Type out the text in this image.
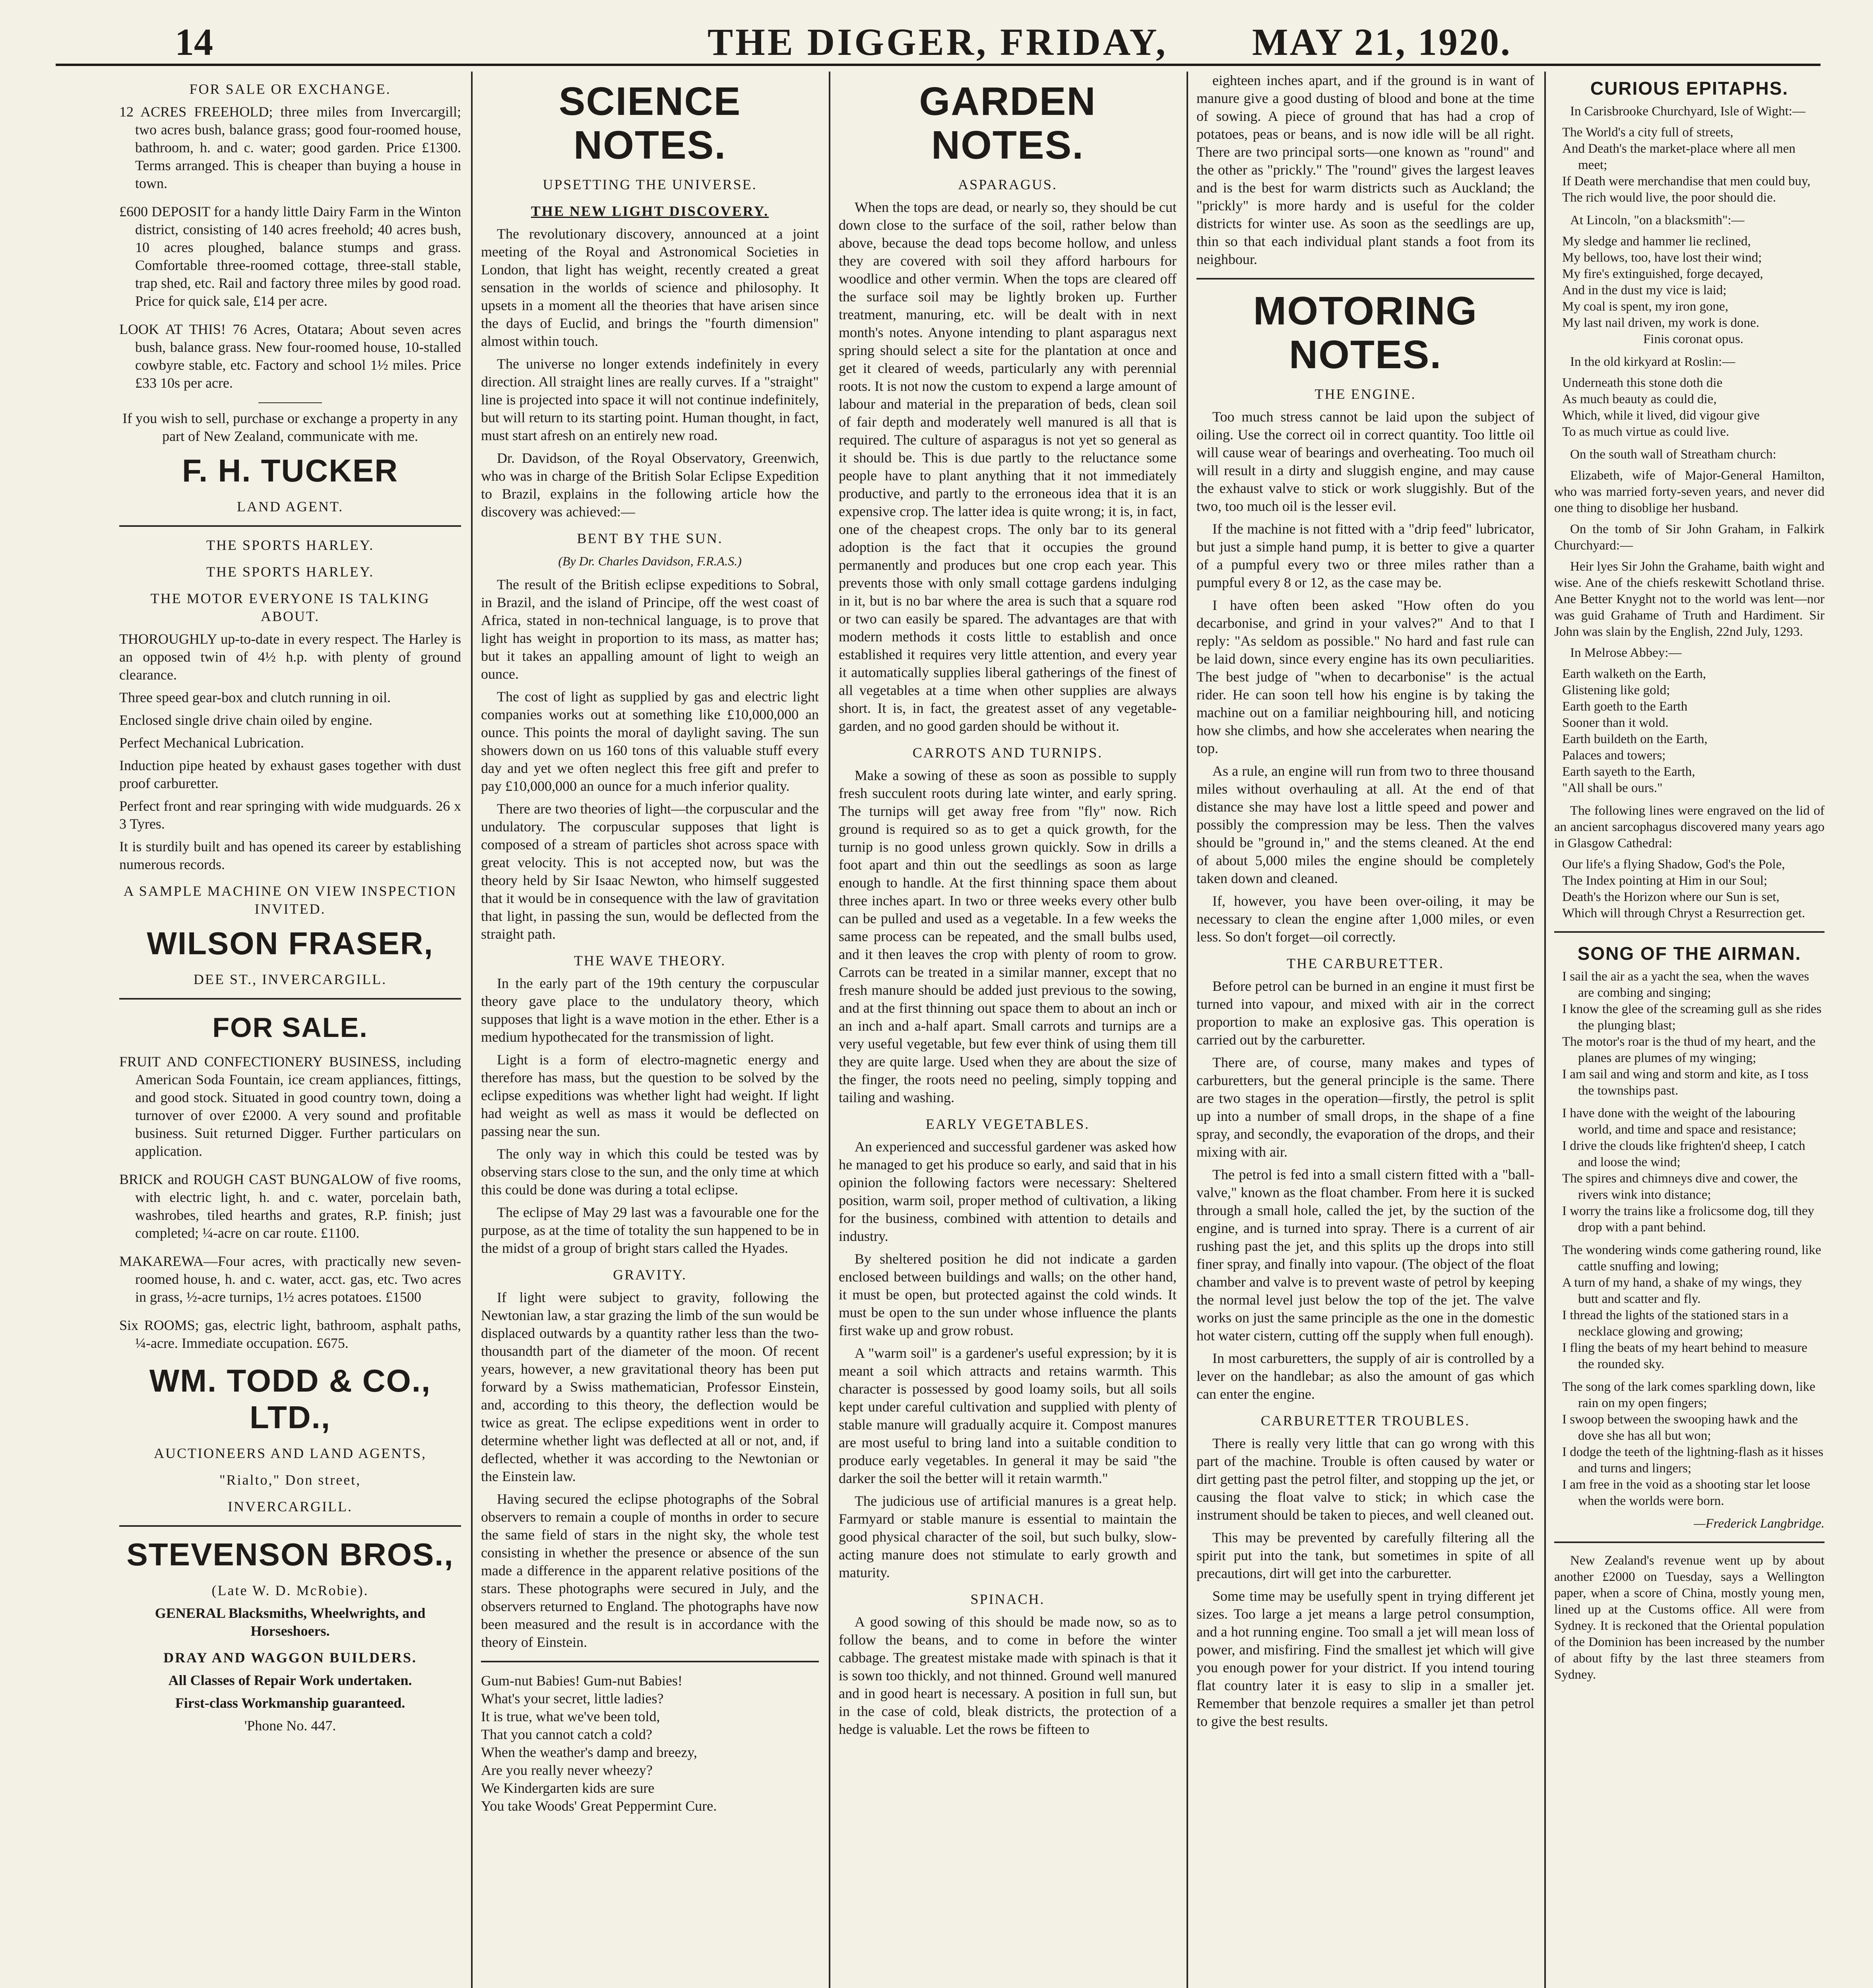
14	THE DIGGER, FRIDAY, MAY 21, 1920.
FOR SALE OR EXCHANGE.
12 ACRES FREEHOLD; three miles from Invercargill; two acres bush, balance grass; good four-roomed house, bathroom, h. and c. water; good garden. Price £1300. Terms arranged. This is cheaper than buying a house in town.
£600 DEPOSIT for a handy little Dairy Farm in the Winton district, consisting of 140 acres freehold; 40 acres bush, 10 acres ploughed, balance stumps and grass. Comfortable three-roomed cottage, three-stall stable, trap shed, etc. Rail and factory three miles by good road. Price for quick sale, £14 per acre.
LOOK AT THIS! 76 Acres, Otatara; About seven acres bush, balance grass. New four-roomed house, 10-stalled cowbyre stable, etc. Factory and school 1½ miles. Price £33 10s per acre.

If you wish to sell, purchase or exchange a property in any part of New Zealand, communicate with me.

F. H. TUCKER
LAND AGENT.
THE SPORTS HARLEY.
THE SPORTS HARLEY.
THE MOTOR EVERYONE IS TALKING ABOUT.

THOROUGHLY up-to-date in every respect. The Harley is an opposed twin of 4½ h.p. with plenty of ground clearance.

Three speed gear-box and clutch running in oil.

Enclosed single drive chain oiled by engine.

Perfect Mechanical Lubrication.

Induction pipe heated by exhaust gases together with dust proof carburetter.

Perfect front and rear springing with wide mudguards. 26 x 3 Tyres.

It is sturdily built and has opened its career by establishing numerous records.

A SAMPLE MACHINE ON VIEW INSPECTION INVITED.
WILSON FRASER,
DEE ST., INVERCARGILL.
FOR SALE.
FRUIT AND CONFECTIONERY BUSINESS, including American Soda Fountain, ice cream appliances, fittings, and good stock. Situated in good country town, doing a turnover of over £2000. A very sound and profitable business. Suit returned Digger. Further particulars on application.
BRICK and ROUGH CAST BUNGALOW of five rooms, with electric light, h. and c. water, porcelain bath, washrobes, tiled hearths and grates, R.P. finish; just completed; ¼-acre on car route. £1100.
MAKAREWA—Four acres, with practically new seven-roomed house, h. and c. water, acct. gas, etc. Two acres in grass, ½-acre turnips, 1½ acres potatoes. £1500
Six ROOMS; gas, electric light, bathroom, asphalt paths, ¼-acre. Immediate occupation. £675.
WM. TODD & CO., LTD.,
AUCTIONEERS AND LAND AGENTS,
"Rialto," Don street,
INVERCARGILL.
STEVENSON BROS.,
(Late W. D. McRobie).

GENERAL Blacksmiths, Wheelwrights, and Horseshoers.

DRAY AND WAGGON BUILDERS.

All Classes of Repair Work undertaken.

First-class Workmanship guaranteed.

'Phone No. 447.

SCIENCE NOTES.
UPSETTING THE UNIVERSE.
THE NEW LIGHT DISCOVERY.

The revolutionary discovery, announced at a joint meeting of the Royal and Astronomical Societies in London, that light has weight, recently created a great sensation in the worlds of science and philosophy. It upsets in a moment all the theories that have arisen since the days of Euclid, and brings the "fourth dimension" almost within touch.

The universe no longer extends indefinitely in every direction. All straight lines are really curves. If a "straight" line is projected into space it will not continue indefinitely, but will return to its starting point. Human thought, in fact, must start afresh on an entirely new road.

Dr. Davidson, of the Royal Observatory, Greenwich, who was in charge of the British Solar Eclipse Expedition to Brazil, explains in the following article how the discovery was achieved:—

BENT BY THE SUN.
(By Dr. Charles Davidson, F.R.A.S.)

The result of the British eclipse expeditions to Sobral, in Brazil, and the island of Principe, off the west coast of Africa, stated in non-technical language, is to prove that light has weight in proportion to its mass, as matter has; but it takes an appalling amount of light to weigh an ounce.

The cost of light as supplied by gas and electric light companies works out at something like £10,000,000 an ounce. This points the moral of daylight saving. The sun showers down on us 160 tons of this valuable stuff every day and yet we often neglect this free gift and prefer to pay £10,000,000 an ounce for a much inferior quality.

There are two theories of light—the corpuscular and the undulatory. The corpuscular supposes that light is composed of a stream of particles shot across space with great velocity. This is not accepted now, but was the theory held by Sir Isaac Newton, who himself suggested that it would be in consequence with the law of gravitation that light, in passing the sun, would be deflected from the straight path.

THE WAVE THEORY.

In the early part of the 19th century the corpuscular theory gave place to the undulatory theory, which supposes that light is a wave motion in the ether. Ether is a medium hypothecated for the transmission of light.

Light is a form of electro-magnetic energy and therefore has mass, but the question to be solved by the eclipse expeditions was whether light had weight. If light had weight as well as mass it would be deflected on passing near the sun.

The only way in which this could be tested was by observing stars close to the sun, and the only time at which this could be done was during a total eclipse.

The eclipse of May 29 last was a favourable one for the purpose, as at the time of totality the sun happened to be in the midst of a group of bright stars called the Hyades.

GRAVITY.

If light were subject to gravity, following the Newtonian law, a star grazing the limb of the sun would be displaced outwards by a quantity rather less than the two-thousandth part of the diameter of the moon. Of recent years, however, a new gravitational theory has been put forward by a Swiss mathematician, Professor Einstein, and, according to this theory, the deflection would be twice as great. The eclipse expeditions went in order to determine whether light was deflected at all or not, and, if deflected, whether it was according to the Newtonian or the Einstein law.

Having secured the eclipse photographs of the Sobral observers to remain a couple of months in order to secure the same field of stars in the night sky, the whole test consisting in whether the presence or absence of the sun made a difference in the apparent relative positions of the stars. These photographs were secured in July, and the observers returned to England. The photographs have now been measured and the result is in accordance with the theory of Einstein.

Gum-nut Babies! Gum-nut Babies!

What's your secret, little ladies?

It is true, what we've been told,

That you cannot catch a cold?

When the weather's damp and breezy,

Are you really never wheezy?

We Kindergarten kids are sure

You take Woods' Great Peppermint Cure.

GARDEN NOTES.
ASPARAGUS.

When the tops are dead, or nearly so, they should be cut down close to the surface of the soil, rather below than above, because the dead tops become hollow, and unless they are covered with soil they afford harbours for woodlice and other vermin. When the tops are cleared off the surface soil may be lightly broken up. Further treatment, manuring, etc. will be dealt with in next month's notes. Anyone intending to plant asparagus next spring should select a site for the plantation at once and get it cleared of weeds, particularly any with perennial roots. It is not now the custom to expend a large amount of labour and material in the preparation of beds, clean soil of fair depth and moderately well manured is all that is required. The culture of asparagus is not yet so general as it should be. This is due partly to the reluctance some people have to plant anything that it not immediately productive, and partly to the erroneous idea that it is an expensive crop. The latter idea is quite wrong; it is, in fact, one of the cheapest crops. The only bar to its general adoption is the fact that it occupies the ground permanently and produces but one crop each year. This prevents those with only small cottage gardens indulging in it, but is no bar where the area is such that a square rod or two can easily be spared. The advantages are that with modern methods it costs little to establish and once established it requires very little attention, and every year it automatically supplies liberal gatherings of the finest of all vegetables at a time when other supplies are always short. It is, in fact, the greatest asset of any vegetable-garden, and no good garden should be without it.

CARROTS AND TURNIPS.

Make a sowing of these as soon as possible to supply fresh succulent roots during late winter, and early spring. The turnips will get away free from "fly" now. Rich ground is required so as to get a quick growth, for the turnip is no good unless grown quickly. Sow in drills a foot apart and thin out the seedlings as soon as large enough to handle. At the first thinning space them about three inches apart. In two or three weeks every other bulb can be pulled and used as a vegetable. In a few weeks the same process can be repeated, and the small bulbs used, and it then leaves the crop with plenty of room to grow. Carrots can be treated in a similar manner, except that no fresh manure should be added just previous to the sowing, and at the first thinning out space them to about an inch or an inch and a-half apart. Small carrots and turnips are a very useful vegetable, but few ever think of using them till they are quite large. Used when they are about the size of the finger, the roots need no peeling, simply topping and tailing and washing.

EARLY VEGETABLES.

An experienced and successful gardener was asked how he managed to get his produce so early, and said that in his opinion the following factors were necessary: Sheltered position, warm soil, proper method of cultivation, a liking for the business, combined with attention to details and industry.

By sheltered position he did not indicate a garden enclosed between buildings and walls; on the other hand, it must be open, but protected against the cold winds. It must be open to the sun under whose influence the plants first wake up and grow robust.

A "warm soil" is a gardener's useful expression; by it is meant a soil which attracts and retains warmth. This character is possessed by good loamy soils, but all soils kept under careful cultivation and supplied with plenty of stable manure will gradually acquire it. Compost manures are most useful to bring land into a suitable condition to produce early vegetables. In general it may be said "the darker the soil the better will it retain warmth."

The judicious use of artificial manures is a great help. Farmyard or stable manure is essential to maintain the good physical character of the soil, but such bulky, slow-acting manure does not stimulate to early growth and maturity.

SPINACH.

A good sowing of this should be made now, so as to follow the beans, and to come in before the winter cabbage. The greatest mistake made with spinach is that it is sown too thickly, and not thinned. Ground well manured and in good heart is necessary. A position in full sun, but in the case of cold, bleak districts, the protection of a hedge is valuable. Let the rows be fifteen to

eighteen inches apart, and if the ground is in want of manure give a good dusting of blood and bone at the time of sowing. A piece of ground that has had a crop of potatoes, peas or beans, and is now idle will be all right. There are two principal sorts—one known as "round" and the other as "prickly." The "round" gives the largest leaves and is the best for warm districts such as Auckland; the "prickly" is more hardy and is useful for the colder districts for winter use. As soon as the seedlings are up, thin so that each individual plant stands a foot from its neighbour.

MOTORING NOTES.
THE ENGINE.

Too much stress cannot be laid upon the subject of oiling. Use the correct oil in correct quantity. Too little oil will cause wear of bearings and overheating. Too much oil will result in a dirty and sluggish engine, and may cause the exhaust valve to stick or work sluggishly. But of the two, too much oil is the lesser evil.

If the machine is not fitted with a "drip feed" lubricator, but just a simple hand pump, it is better to give a quarter of a pumpful every two or three miles rather than a pumpful every 8 or 12, as the case may be.

I have often been asked "How often do you decarbonise, and grind in your valves?" And to that I reply: "As seldom as possible." No hard and fast rule can be laid down, since every engine has its own peculiarities. The best judge of "when to decarbonise" is the actual rider. He can soon tell how his engine is by taking the machine out on a familiar neighbouring hill, and noticing how she climbs, and how she accelerates when nearing the top.

As a rule, an engine will run from two to three thousand miles without overhauling at all. At the end of that distance she may have lost a little speed and power and possibly the compression may be less. Then the valves should be "ground in," and the stems cleaned. At the end of about 5,000 miles the engine should be completely taken down and cleaned.

If, however, you have been over-oiling, it may be necessary to clean the engine after 1,000 miles, or even less. So don't forget—oil correctly.

THE CARBURETTER.

Before petrol can be burned in an engine it must first be turned into vapour, and mixed with air in the correct proportion to make an explosive gas. This operation is carried out by the carburetter.

There are, of course, many makes and types of carburetters, but the general principle is the same. There are two stages in the operation—firstly, the petrol is split up into a number of small drops, in the shape of a fine spray, and secondly, the evaporation of the drops, and their mixing with air.

The petrol is fed into a small cistern fitted with a "ball-valve," known as the float chamber. From here it is sucked through a small hole, called the jet, by the suction of the engine, and is turned into spray. There is a current of air rushing past the jet, and this splits up the drops into still finer spray, and finally into vapour. (The object of the float chamber and valve is to prevent waste of petrol by keeping the normal level just below the top of the jet. The valve works on just the same principle as the one in the domestic hot water cistern, cutting off the supply when full enough).

In most carburetters, the supply of air is controlled by a lever on the handlebar; as also the amount of gas which can enter the engine.

CARBURETTER TROUBLES.

There is really very little that can go wrong with this part of the machine. Trouble is often caused by water or dirt getting past the petrol filter, and stopping up the jet, or causing the float valve to stick; in which case the instrument should be taken to pieces, and well cleaned out.

This may be prevented by carefully filtering all the spirit put into the tank, but sometimes in spite of all precautions, dirt will get into the carburetter.

Some time may be usefully spent in trying different jet sizes. Too large a jet means a large petrol consumption, and a hot running engine. Too small a jet will mean loss of power, and misfiring. Find the smallest jet which will give you enough power for your district. If you intend touring flat country later it is easy to slip in a smaller jet. Remember that benzole requires a smaller jet than petrol to give the best results.

CURIOUS EPITAPHS.

In Carisbrooke Churchyard, Isle of Wight:—

The World's a city full of streets,
And Death's the market-place where all men meet;
If Death were merchandise that men could buy,
The rich would live, the poor should die.

At Lincoln, "on a blacksmith":—

My sledge and hammer lie reclined,
My bellows, too, have lost their wind;
My fire's extinguished, forge decayed,
And in the dust my vice is laid;
My coal is spent, my iron gone,
My last nail driven, my work is done.
Finis coronat opus.

In the old kirkyard at Roslin:—

Underneath this stone doth die
As much beauty as could die,
Which, while it lived, did vigour give
To as much virtue as could live.

On the south wall of Streatham church:

Elizabeth, wife of Major-General Hamilton, who was married forty-seven years, and never did one thing to disoblige her husband.

On the tomb of Sir John Graham, in Falkirk Churchyard:—

Heir lyes Sir John the Grahame, baith wight and wise. Ane of the chiefs reskewitt Schotland thrise. Ane Better Knyght not to the world was lent—nor was guid Grahame of Truth and Hardiment. Sir John was slain by the English, 22nd July, 1293.

In Melrose Abbey:—

Earth walketh on the Earth,
Glistening like gold;
Earth goeth to the Earth
Sooner than it wold.
Earth buildeth on the Earth,
Palaces and towers;
Earth sayeth to the Earth,
"All shall be ours."

The following lines were engraved on the lid of an ancient sarcophagus discovered many years ago in Glasgow Cathedral:

Our life's a flying Shadow, God's the Pole,
The Index pointing at Him in our Soul;
Death's the Horizon where our Sun is set,
Which will through Chryst a Resurrection get.
SONG OF THE AIRMAN.
I sail the air as a yacht the sea, when the waves are combing and singing;
I know the glee of the screaming gull as she rides the plunging blast;
The motor's roar is the thud of my heart, and the planes are plumes of my winging;
I am sail and wing and storm and kite, as I toss the townships past.
I have done with the weight of the labouring world, and time and space and resistance;
I drive the clouds like frighten'd sheep, I catch and loose the wind;
The spires and chimneys dive and cower, the rivers wink into distance;
I worry the trains like a frolicsome dog, till they drop with a pant behind.
The wondering winds come gathering round, like cattle snuffing and lowing;
A turn of my hand, a shake of my wings, they butt and scatter and fly.
I thread the lights of the stationed stars in a necklace glowing and growing;
I fling the beats of my heart behind to measure the rounded sky.
The song of the lark comes sparkling down, like rain on my open fingers;
I swoop between the swooping hawk and the dove she has all but won;
I dodge the teeth of the lightning-flash as it hisses and turns and lingers;
I am free in the void as a shooting star let loose when the worlds were born.
—Frederick Langbridge.

New Zealand's revenue went up by about another £2000 on Tuesday, says a Wellington paper, when a score of China, mostly young men, lined up at the Customs office. All were from Sydney. It is reckoned that the Oriental population of the Dominion has been increased by the number of about fifty by the last three steamers from Sydney.
